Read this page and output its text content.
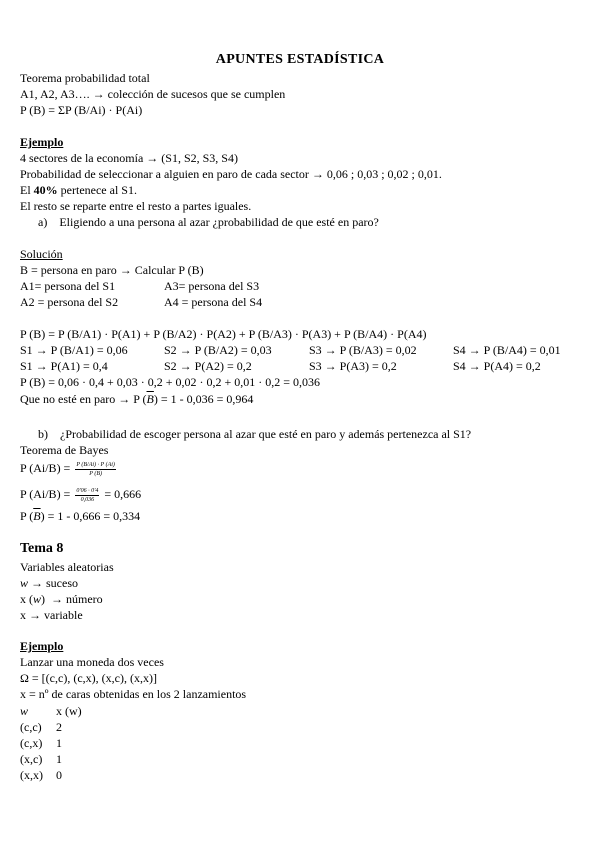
APUNTES ESTADÍSTICA
Teorema probabilidad total
A1, A2, A3…. → colección de sucesos que se cumplen
P (B) = ΣP (B/Ai) · P(Ai)
Ejemplo
4 sectores de la economía → (S1, S2, S3, S4)
Probabilidad de seleccionar a alguien en paro de cada sector → 0,06 ; 0,03 ; 0,02 ; 0,01.
El 40% pertenece al S1.
El resto se reparte entre el resto a partes iguales.
a)    Eligiendo a una persona al azar ¿probabilidad de que esté en paro?
Solución
B = persona en paro → Calcular P (B)
A1= persona del S1	A3= persona del S3
A2 = persona del S2	A4 = persona del S4
P (B) = P (B/A1) · P(A1) + P (B/A2) · P(A2) + P (B/A3) · P(A3) + P (B/A4) · P(A4)
S1 → P (B/A1) = 0,06	S2 → P (B/A2) = 0,03	S3 → P (B/A3) = 0,02	S4 → P (B/A4) = 0,01
S1 → P(A1) = 0,4	S2 → P(A2) = 0,2	S3 → P(A3) = 0,2	S4 → P(A4) = 0,2
P (B) = 0,06 · 0,4 + 0,03 · 0,2 + 0,02 · 0,2 + 0,01 · 0,2 = 0,036
Que no esté en paro → P $(\overline{B}) = 1 - 0,036 = 0,964$
b)    ¿Probabilidad de escoger persona al azar que esté en paro y además pertenezca al S1?
Teorema de Bayes
P $(Ai/B) = \frac{P (B/Ai) \cdot P (Ai)}{P (B)}$
P $(Ai/B) = \frac{0'06 \cdot 0'4}{0,036} = 0,666$
P $(\overline{B}) = 1 - 0,666 = 0,334$
Tema 8
Variables aleatorias
w → suceso
x (w)  → número
x → variable
Ejemplo
Lanzar una moneda dos veces
Ω = [(c,c), (c,x), (x,c), (x,x)]
x = nº de caras obtenidas en los 2 lanzamientos
w x (w)
(c,c) 2
(c,x) 1
(x,c) 1
(x,x) 0
